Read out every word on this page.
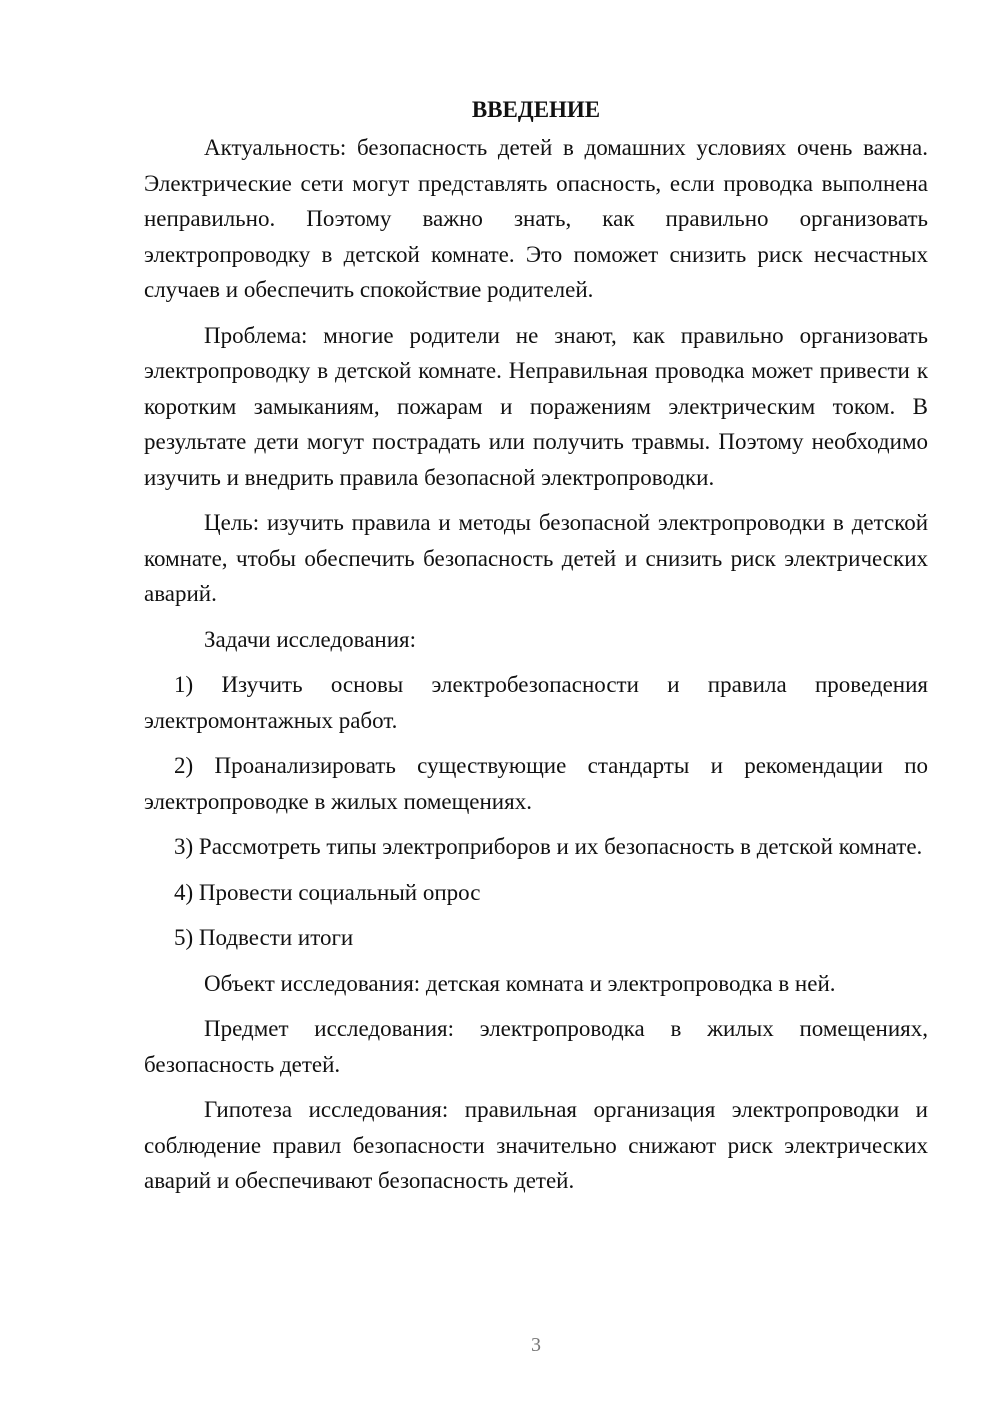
ВВЕДЕНИЕ

Актуальность: безопасность детей в домашних условиях очень важна. Электрические сети могут представлять опасность, если проводка выполнена неправильно. Поэтому важно знать, как правильно организовать электропроводку в детской комнате. Это поможет снизить риск несчастных случаев и обеспечить спокойствие родителей.

Проблема: многие родители не знают, как правильно организовать электропроводку в детской комнате. Неправильная проводка может привести к коротким замыканиям, пожарам и поражениям электрическим током. В результате дети могут пострадать или получить травмы. Поэтому необходимо изучить и внедрить правила безопасной электропроводки.

Цель: изучить правила и методы безопасной электропроводки в детской комнате, чтобы обеспечить безопасность детей и снизить риск электрических аварий.

Задачи исследования:

1) Изучить основы электробезопасности и правила проведения электромонтажных работ.

2) Проанализировать существующие стандарты и рекомендации по электропроводке в жилых помещениях.

3) Рассмотреть типы электроприборов и их безопасность в детской комнате.

4) Провести социальный опрос

5) Подвести итоги

Объект исследования: детская комната и электропроводка в ней.

Предмет исследования: электропроводка в жилых помещениях, безопасность детей.

Гипотеза исследования: правильная организация электропроводки и соблюдение правил безопасности значительно снижают риск электрических аварий и обеспечивают безопасность детей.

3
